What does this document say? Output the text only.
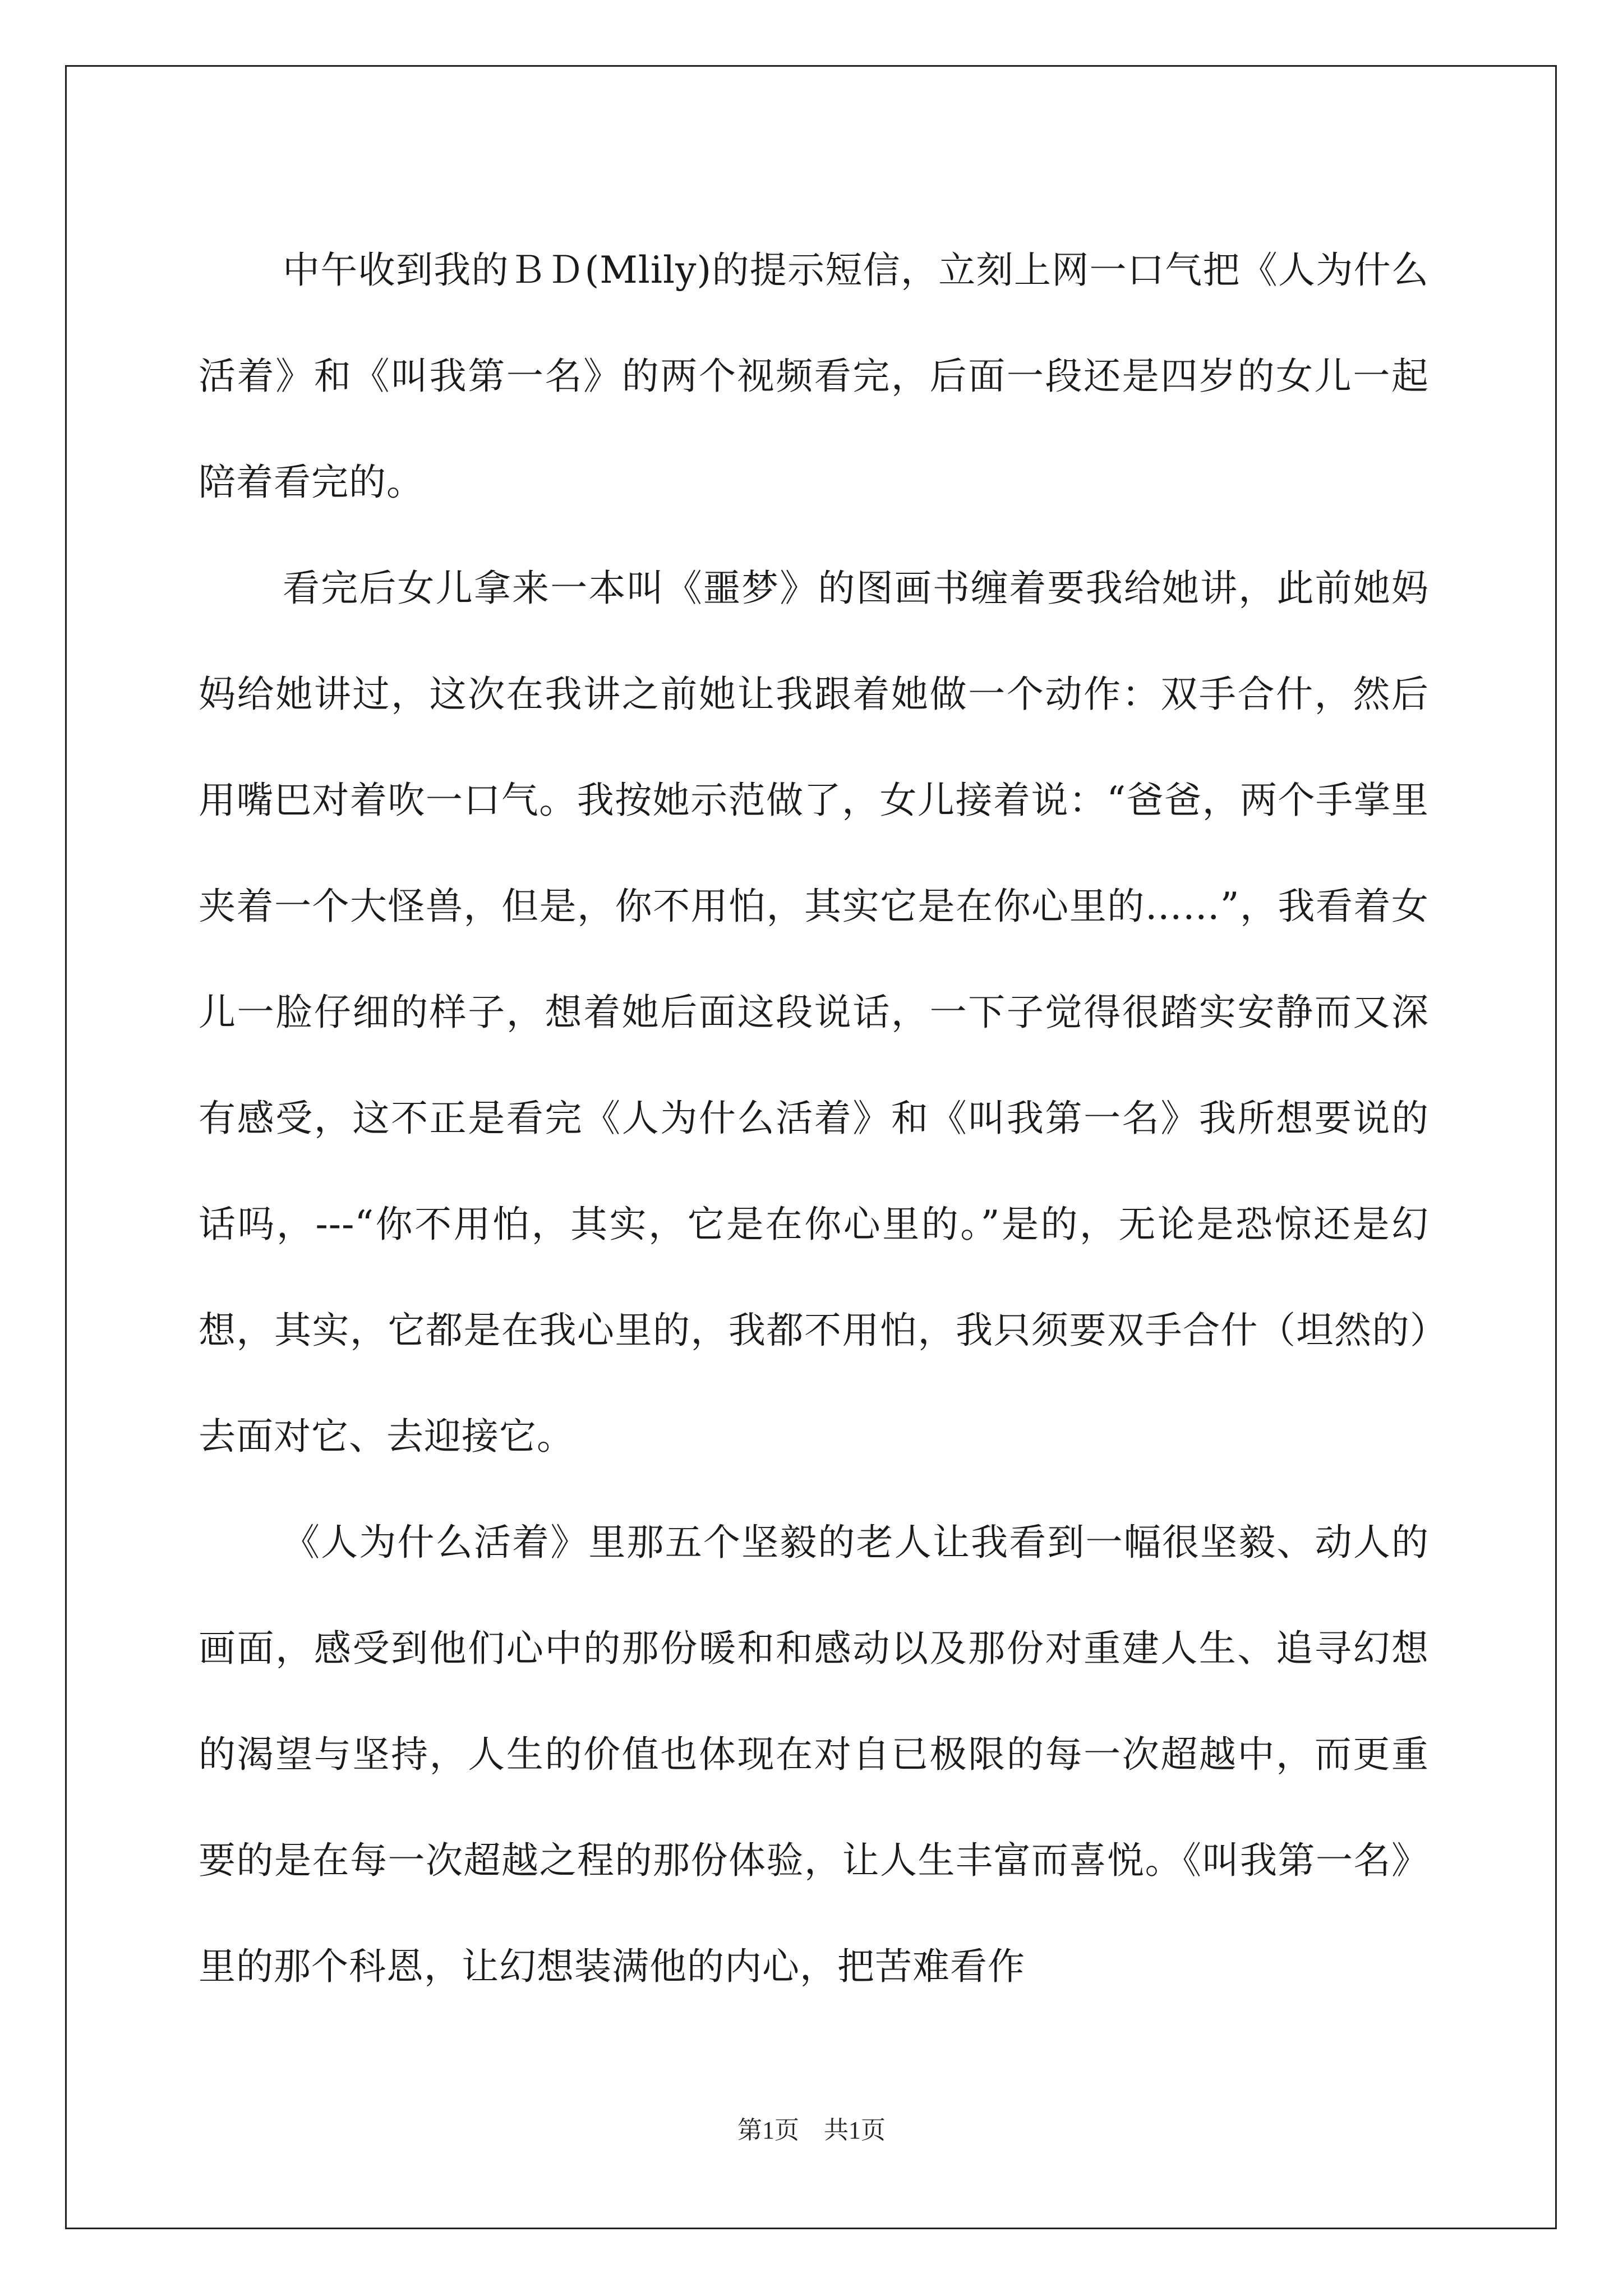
中午收到我的ＢＤ(Mlily)的提示短信，立刻上网一口气把《人为什么活着》和《叫我第一名》的两个视频看完，后面一段还是四岁的女儿一起陪着看完的。

看完后女儿拿来一本叫《噩梦》的图画书缠着要我给她讲，此前她妈妈给她讲过，这次在我讲之前她让我跟着她做一个动作：双手合什，然后用嘴巴对着吹一口气。我按她示范做了，女儿接着说：“爸爸，两个手掌里夹着一个大怪兽，但是，你不用怕，其实它是在你心里的……”，我看着女儿一脸仔细的样子，想着她后面这段说话，一下子觉得很踏实安静而又深有感受，这不正是看完《人为什么活着》和《叫我第一名》我所想要说的话吗，---“你不用怕，其实，它是在你心里的。”是的，无论是恐惊还是幻想，其实，它都是在我心里的，我都不用怕，我只须要双手合什（坦然的）去面对它、去迎接它。

《人为什么活着》里那五个坚毅的老人让我看到一幅很坚毅、动人的画面，感受到他们心中的那份暖和和感动以及那份对重建人生、追寻幻想的渴望与坚持，人生的价值也体现在对自已极限的每一次超越中，而更重要的是在每一次超越之程的那份体验，让人生丰富而喜悦。《叫我第一名》里的那个科恩，让幻想装满他的内心，把苦难看作

第1页　共1页
